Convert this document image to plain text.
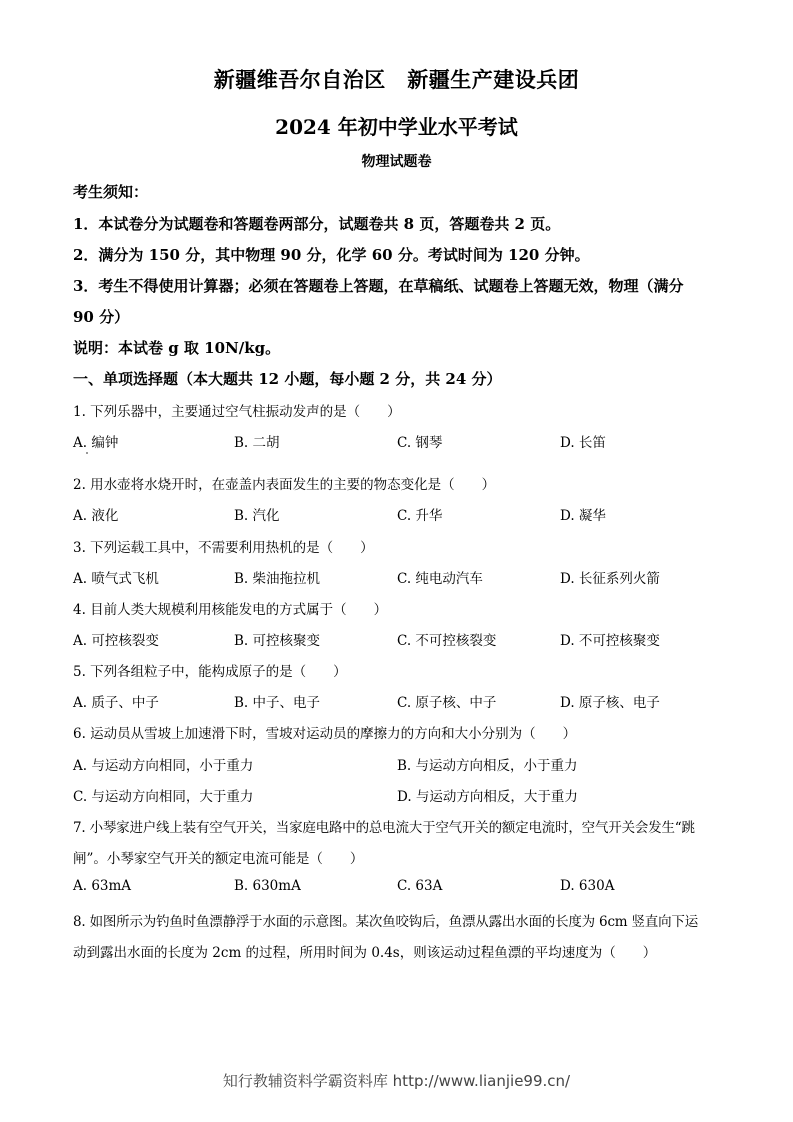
新疆维吾尔自治区　新疆生产建设兵团
2024 年初中学业水平考试
物理试题卷
考生须知：
1．本试卷分为试题卷和答题卷两部分，试题卷共 8 页，答题卷共 2 页。
2．满分为 150 分，其中物理 90 分，化学 60 分。考试时间为 120 分钟。
3．考生不得使用计算器；必须在答题卷上答题，在草稿纸、试题卷上答题无效，物理（满分
90 分）
说明：本试卷 g 取 10N/kg。
一、单项选择题（本大题共 12 小题，每小题 2 分，共 24 分）
1. 下列乐器中，主要通过空气柱振动发声的是（　　）
A. 编钟	B. 二胡	C. 钢琴	D. 长笛
2. 用水壶将水烧开时，在壶盖内表面发生的主要的物态变化是（　　）
A. 液化	B. 汽化	C. 升华	D. 凝华
3. 下列运载工具中，不需要利用热机的是（　　）
A. 喷气式飞机	B. 柴油拖拉机	C. 纯电动汽车	D. 长征系列火箭
4. 目前人类大规模利用核能发电的方式属于（　　）
A. 可控核裂变	B. 可控核聚变	C. 不可控核裂变	D. 不可控核聚变
5. 下列各组粒子中，能构成原子的是（　　）
A. 质子、中子	B. 中子、电子	C. 原子核、中子	D. 原子核、电子
6. 运动员从雪坡上加速滑下时，雪坡对运动员的摩擦力的方向和大小分别为（　　）
A. 与运动方向相同，小于重力	B. 与运动方向相反，小于重力
C. 与运动方向相同，大于重力	D. 与运动方向相反，大于重力
7. 小琴家进户线上装有空气开关，当家庭电路中的总电流大于空气开关的额定电流时，空气开关会发生“跳
闸”。小琴家空气开关的额定电流可能是（　　）
A. 63mA	B. 630mA	C. 63A	D. 630A
8. 如图所示为钓鱼时鱼漂静浮于水面的示意图。某次鱼咬钩后，鱼漂从露出水面的长度为 6cm 竖直向下运
动到露出水面的长度为 2cm 的过程，所用时间为 0.4s，则该运动过程鱼漂的平均速度为（　　）
知行教辅资料学霸资料库 http://www.lianjie99.cn/
